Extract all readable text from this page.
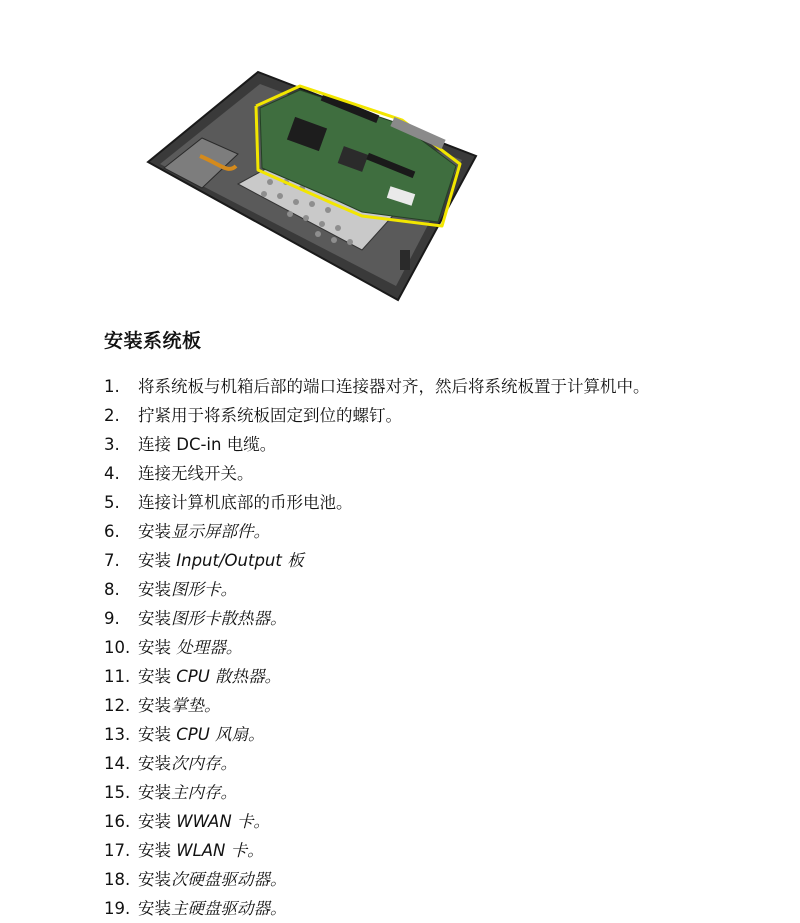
安装系统板
1.	将系统板与机箱后部的端口连接器对齐，然后将系统板置于计算机中。
2.	拧紧用于将系统板固定到位的螺钉。
3.	连接 DC-in 电缆。
4.	连接无线开关。
5.	连接计算机底部的币形电池。
6.	安装显示屏部件。
7.	安装 Input/Output 板
8.	安装图形卡。
9.	安装图形卡散热器。
10. 安装 处理器。
11. 安装 CPU 散热器。
12. 安装掌垫。
13. 安装 CPU 风扇。
14. 安装次内存。
15. 安装主内存。
16. 安装 WWAN 卡。
17. 安装 WLAN 卡。
18. 安装次硬盘驱动器。
19. 安装主硬盘驱动器。
